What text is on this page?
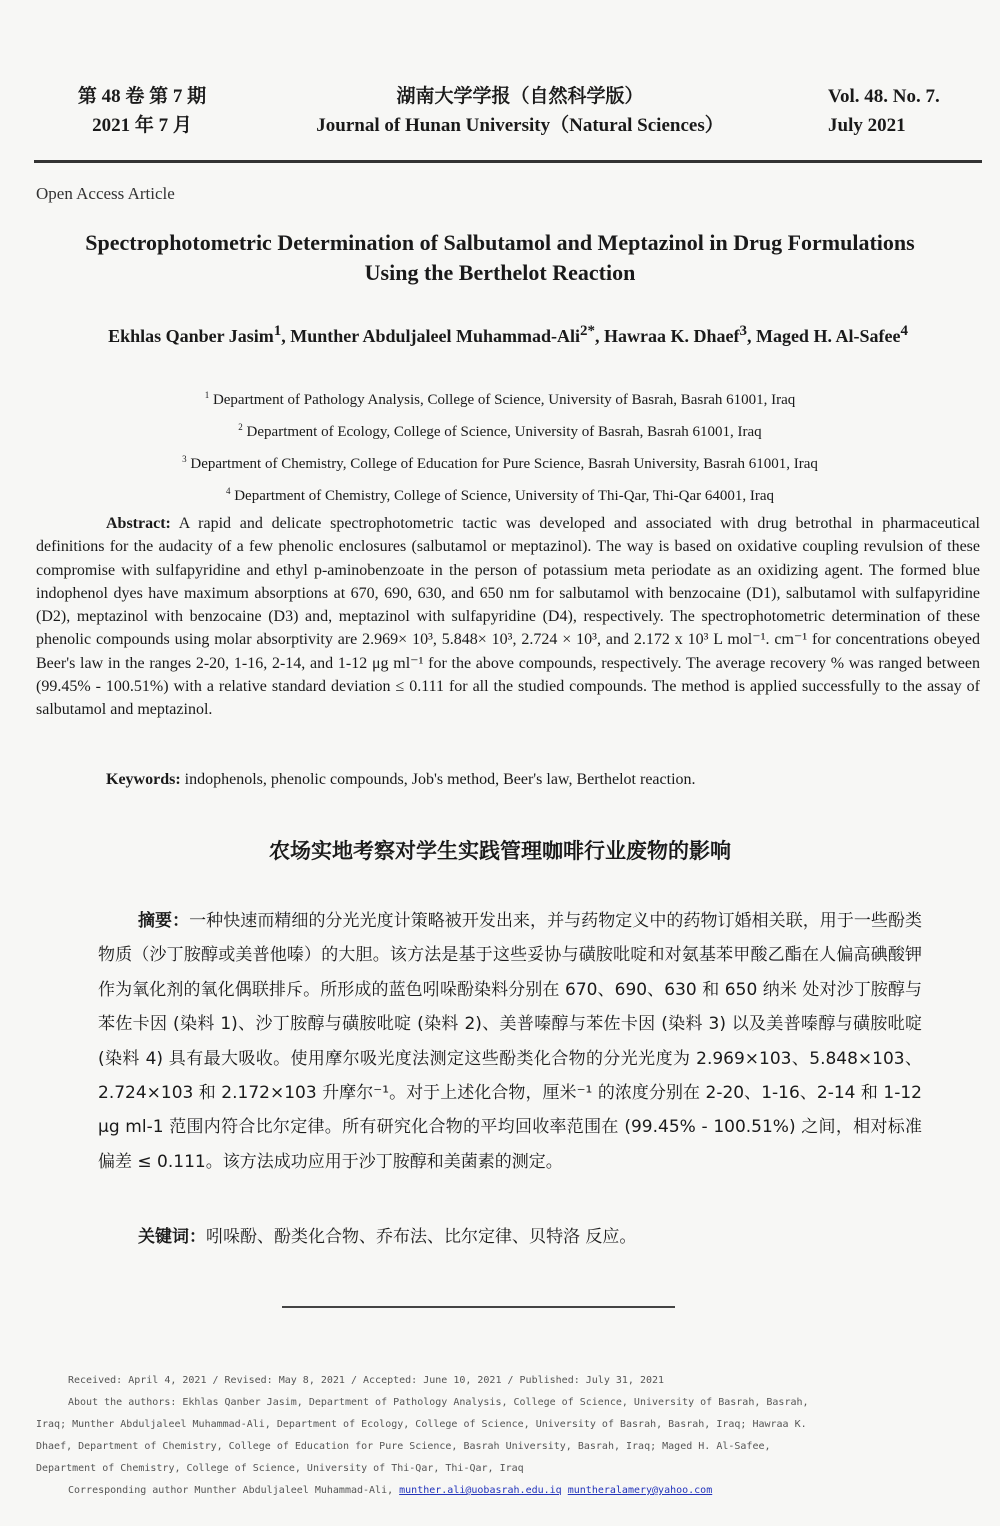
第 48 卷 第 7 期
2021 年 7 月
湖南大学学报（自然科学版）
Journal of Hunan University（Natural Sciences）
Vol. 48. No. 7.
July 2021
Open Access Article
Spectrophotometric Determination of Salbutamol and Meptazinol in Drug Formulations Using the Berthelot Reaction
Ekhlas Qanber Jasim$^1$, Munther Abduljaleel Muhammad-Ali$^{2*}$, Hawraa K. Dhaef$^3$, Maged H. Al-Safee$^4$
$^1$ Department of Pathology Analysis, College of Science, University of Basrah, Basrah 61001, Iraq
$^2$ Department of Ecology, College of Science, University of Basrah, Basrah 61001, Iraq
$^3$ Department of Chemistry, College of Education for Pure Science, Basrah University, Basrah 61001, Iraq
$^4$ Department of Chemistry, College of Science, University of Thi-Qar, Thi-Qar 64001, Iraq
Abstract: A rapid and delicate spectrophotometric tactic was developed and associated with drug betrothal in pharmaceutical definitions for the audacity of a few phenolic enclosures (salbutamol or meptazinol). The way is based on oxidative coupling revulsion of these compromise with sulfapyridine and ethyl p-aminobenzoate in the person of potassium meta periodate as an oxidizing agent. The formed blue indophenol dyes have maximum absorptions at 670, 690, 630, and 650 nm for salbutamol with benzocaine (D1), salbutamol with sulfapyridine (D2), meptazinol with benzocaine (D3) and, meptazinol with sulfapyridine (D4), respectively. The spectrophotometric determination of these phenolic compounds using molar absorptivity are 2.969× 10³, 5.848× 10³, 2.724 × 10³, and 2.172 x 10³ L mol⁻¹. cm⁻¹ for concentrations obeyed Beer's law in the ranges 2-20, 1-16, 2-14, and 1-12 μg ml⁻¹ for the above compounds, respectively. The average recovery % was ranged between (99.45% - 100.51%) with a relative standard deviation ≤ 0.111 for all the studied compounds. The method is applied successfully to the assay of salbutamol and meptazinol.
Keywords: indophenols, phenolic compounds, Job's method, Beer's law, Berthelot reaction.
农场实地考察对学生实践管理咖啡行业废物的影响
摘要：一种快速而精细的分光光度计策略被开发出来，并与药物定义中的药物订婚相关联，用于一些酚类物质（沙丁胺醇或美普他嗪）的大胆。该方法是基于这些妥协与磺胺吡啶和对氨基苯甲酸乙酯在人偏高碘酸钾作为氧化剂的氧化偶联排斥。所形成的蓝色吲哚酚染料分别在 670、690、630 和 650 纳米 处对沙丁胺醇与苯佐卡因 (染料 1)、沙丁胺醇与磺胺吡啶 (染料 2)、美普嗪醇与苯佐卡因 (染料 3) 以及美普嗪醇与磺胺吡啶 (染料 4) 具有最大吸收。使用摩尔吸光度法测定这些酚类化合物的分光光度为 2.969×103、5.848×103、2.724×103 和 2.172×103 升摩尔⁻¹。对于上述化合物，厘米⁻¹ 的浓度分别在 2-20、1-16、2-14 和 1-12 μg ml-1 范围内符合比尔定律。所有研究化合物的平均回收率范围在 (99.45% - 100.51%) 之间，相对标准偏差 ≤ 0.111。该方法成功应用于沙丁胺醇和美菌素的测定。
关键词：吲哚酚、酚类化合物、乔布法、比尔定律、贝特洛 反应。
Received: April 4, 2021 / Revised: May 8, 2021 / Accepted: June 10, 2021 / Published: July 31, 2021
About the authors: Ekhlas Qanber Jasim, Department of Pathology Analysis, College of Science, University of Basrah, Basrah,
Iraq; Munther Abduljaleel Muhammad-Ali, Department of Ecology, College of Science, University of Basrah, Basrah, Iraq; Hawraa K.
Dhaef, Department of Chemistry, College of Education for Pure Science, Basrah University, Basrah, Iraq; Maged H. Al-Safee,
Department of Chemistry, College of Science, University of Thi-Qar, Thi-Qar, Iraq
Corresponding author Munther Abduljaleel Muhammad-Ali, munther.ali@uobasrah.edu.iq muntheralamery@yahoo.com
